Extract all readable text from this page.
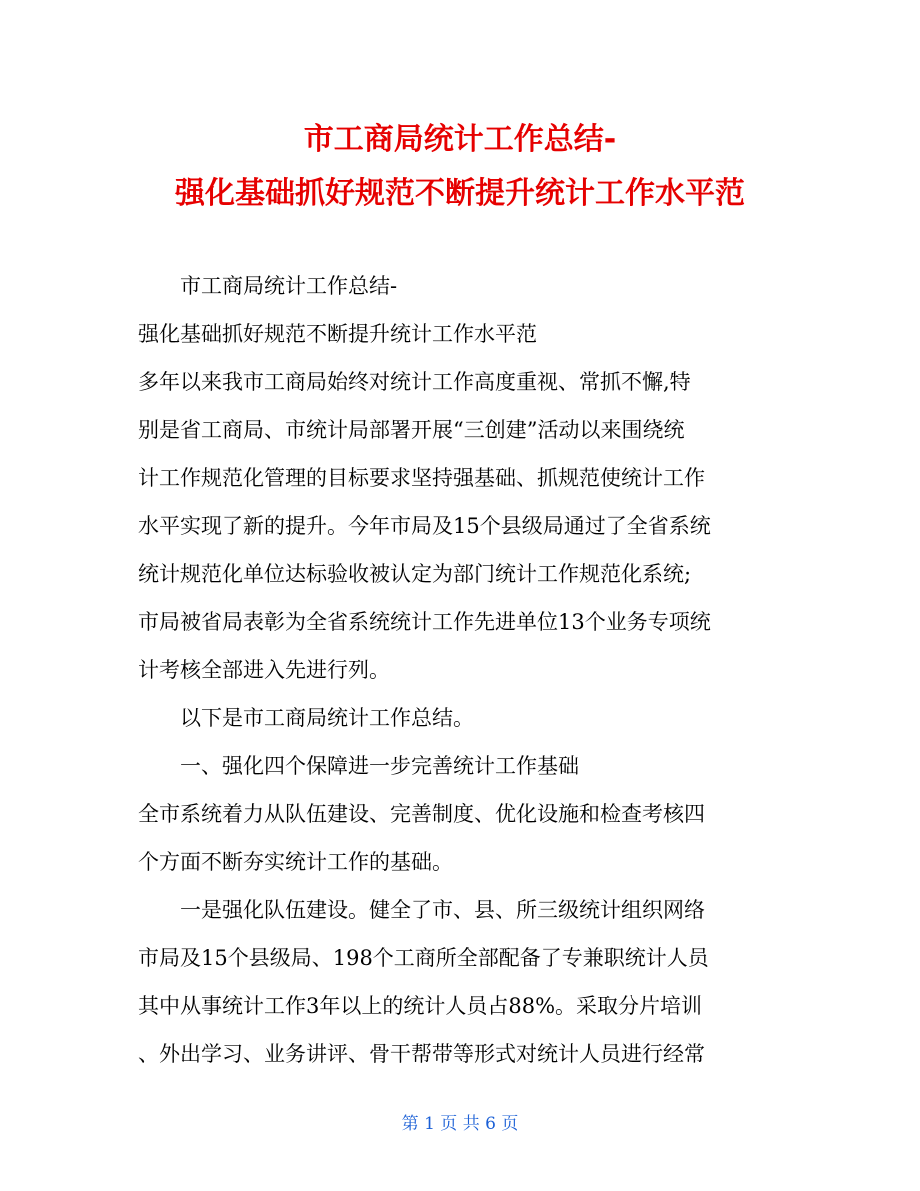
市工商局统计工作总结-
强化基础抓好规范不断提升统计工作水平范
市工商局统计工作总结-
强化基础抓好规范不断提升统计工作水平范
多年以来我市工商局始终对统计工作高度重视、常抓不懈,特
别是省工商局、市统计局部署开展“三创建”活动以来围绕统
计工作规范化管理的目标要求坚持强基础、抓规范使统计工作
水平实现了新的提升。今年市局及15个县级局通过了全省系统
统计规范化单位达标验收被认定为部门统计工作规范化系统;
市局被省局表彰为全省系统统计工作先进单位13个业务专项统
计考核全部进入先进行列。
以下是市工商局统计工作总结。
一、强化四个保障进一步完善统计工作基础
全市系统着力从队伍建设、完善制度、优化设施和检查考核四
个方面不断夯实统计工作的基础。
一是强化队伍建设。健全了市、县、所三级统计组织网络
市局及15个县级局、198个工商所全部配备了专兼职统计人员
其中从事统计工作3年以上的统计人员占88%。采取分片培训
、外出学习、业务讲评、骨干帮带等形式对统计人员进行经常
第 1 页 共 6 页
